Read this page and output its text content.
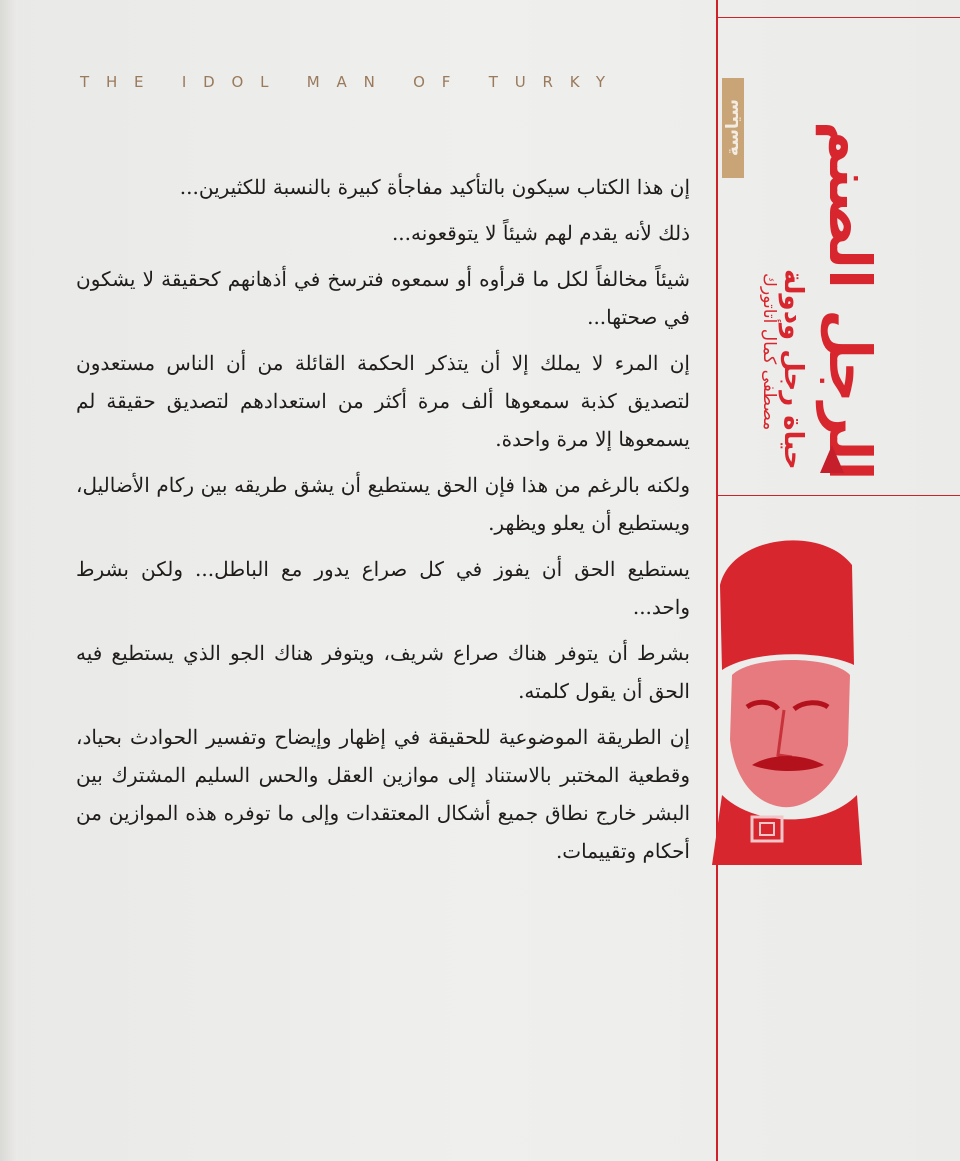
THE IDOL MAN OF TURKY
سياسة الرجل الصنم
حياة رجل ودولة
مصطفى كمال أتاتورك

إن هذا الكتاب سيكون بالتأكيد مفاجأة كبيرة بالنسبة للكثيرين...

ذلك لأنه يقدم لهم شيئاً لا يتوقعونه...

شيئاً مخالفاً لكل ما قرأوه أو سمعوه فترسخ في أذهانهم كحقيقة لا يشكون في صحتها...

إن المرء لا يملك إلا أن يتذكر الحكمة القائلة من أن الناس مستعدون لتصديق كذبة سمعوها ألف مرة أكثر من استعدادهم لتصديق حقيقة لم يسمعوها إلا مرة واحدة.

ولكنه بالرغم من هذا فإن الحق يستطيع أن يشق طريقه بين ركام الأضاليل، ويستطيع أن يعلو ويظهر.

يستطيع الحق أن يفوز في كل صراع يدور مع الباطل... ولكن بشرط واحد...

بشرط أن يتوفر هناك صراع شريف، ويتوفر هناك الجو الذي يستطيع فيه الحق أن يقول كلمته.

إن الطريقة الموضوعية للحقيقة في إظهار وإيضاح وتفسير الحوادث بحياد، وقطعية المختبر بالاستناد إلى موازين العقل والحس السليم المشترك بين البشر خارج نطاق جميع أشكال المعتقدات وإلى ما توفره هذه الموازين من أحكام وتقييمات.
